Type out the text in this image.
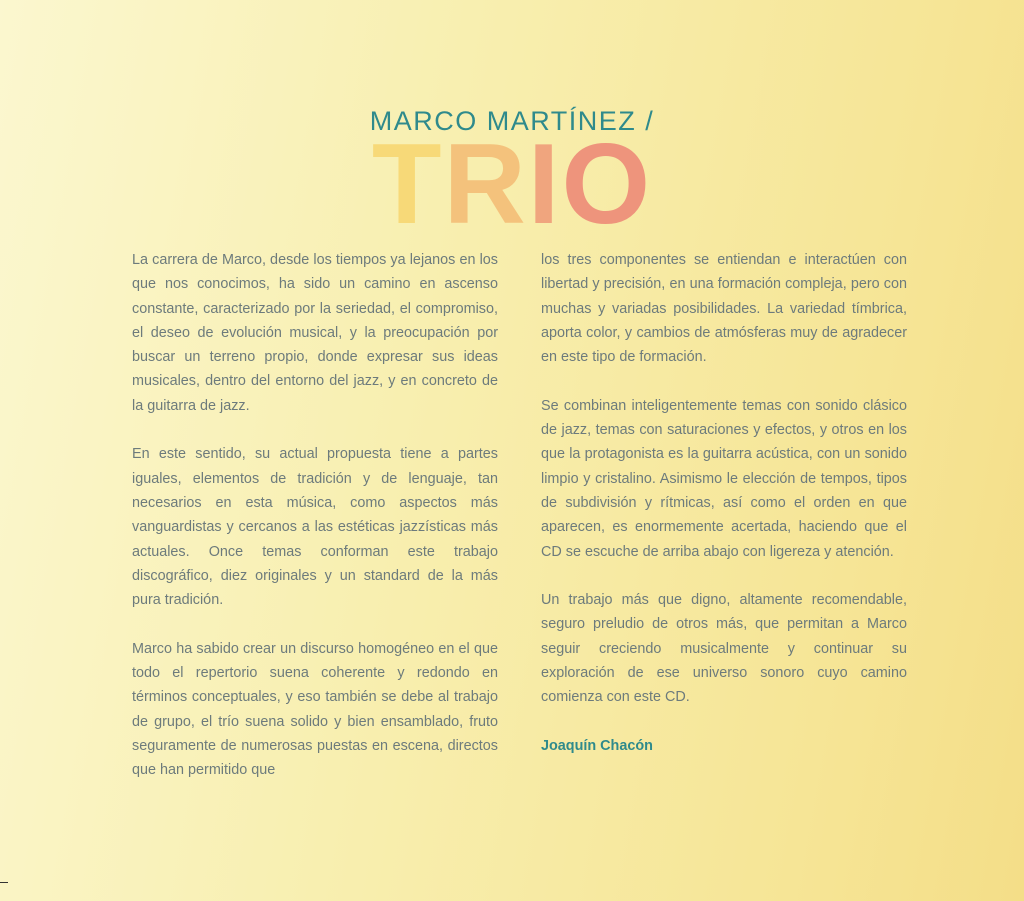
MARCO MARTÍNEZ /

TRIO

La carrera de Marco, desde los tiempos ya lejanos en los que nos conocimos, ha sido un camino en ascenso constante, caracterizado por la seriedad, el compromiso, el deseo de evolución musical, y la preocupación por buscar un terreno propio, donde expresar sus ideas musicales, dentro del entorno del jazz, y en concreto de la guitarra de jazz.

En este sentido, su actual propuesta tiene a partes iguales, elementos de tradición y de lenguaje, tan necesarios en esta música, como aspectos más vanguardistas y cercanos a las estéticas jazzísticas más actuales. Once temas conforman este trabajo discográfico, diez originales y un standard de la más pura tradición.

Marco ha sabido crear un discurso homogéneo en el que todo el repertorio suena coherente y redondo en términos conceptuales, y eso también se debe al trabajo de grupo, el trío suena solido y bien ensamblado, fruto seguramente de numerosas puestas en escena, directos que han permitido que

los tres componentes se entiendan e interactúen con libertad y precisión, en una formación compleja, pero con muchas y variadas posibilidades. La variedad tímbrica, aporta color, y cambios de atmósferas muy de agradecer en este tipo de formación.

Se combinan inteligentemente temas con sonido clásico de jazz, temas con saturaciones y efectos, y otros en los que la protagonista es la guitarra acústica, con un sonido limpio y cristalino. Asimismo le elección de tempos, tipos de subdivisión y rítmicas, así como el orden en que aparecen, es enormemente acertada, haciendo que el CD se escuche de arriba abajo con ligereza y atención.

Un trabajo más que digno, altamente recomendable, seguro preludio de otros más, que permitan a Marco seguir creciendo musicalmente y continuar su exploración de ese universo sonoro cuyo camino comienza con este CD.

Joaquín Chacón
